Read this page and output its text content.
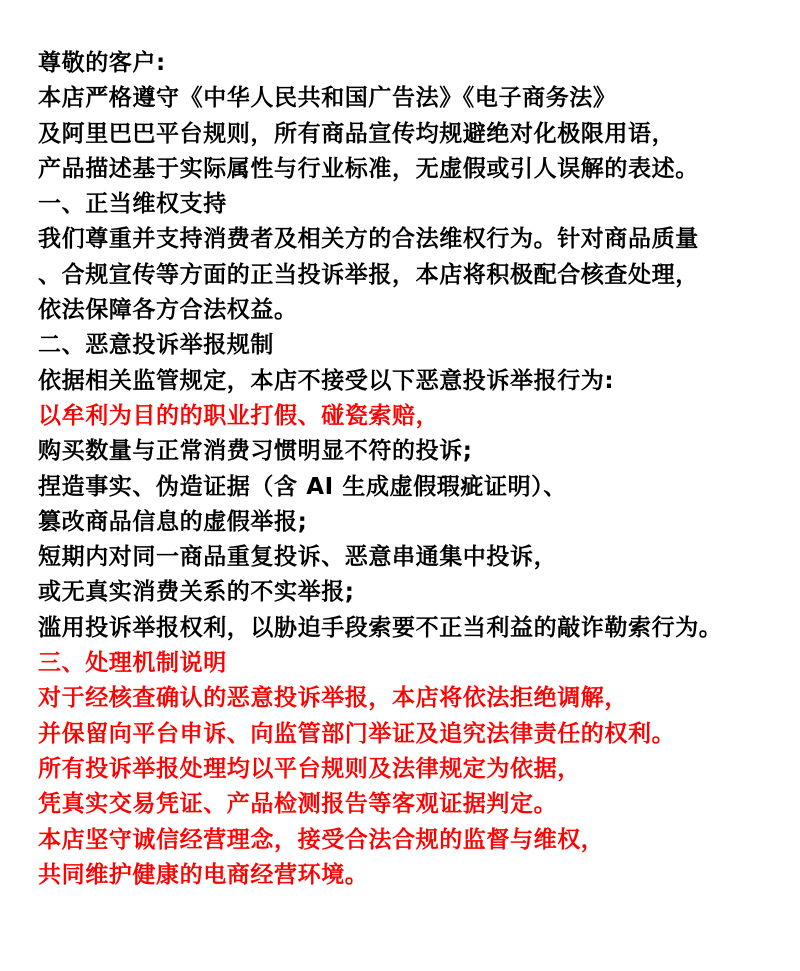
尊敬的客户:
本店严格遵守《中华人民共和国广告法》《电子商务法》
及阿里巴巴平台规则，所有商品宣传均规避绝对化极限用语，
产品描述基于实际属性与行业标准，无虚假或引人误解的表述。
一、正当维权支持
我们尊重并支持消费者及相关方的合法维权行为。针对商品质量
、合规宣传等方面的正当投诉举报，本店将积极配合核查处理，
依法保障各方合法权益。
二、恶意投诉举报规制
依据相关监管规定，本店不接受以下恶意投诉举报行为:
以牟利为目的的职业打假、碰瓷索赔，
购买数量与正常消费习惯明显不符的投诉;
捏造事实、伪造证据（含 AI 生成虚假瑕疵证明）、
篡改商品信息的虚假举报;
短期内对同一商品重复投诉、恶意串通集中投诉，
或无真实消费关系的不实举报;
滥用投诉举报权利，以胁迫手段索要不正当利益的敲诈勒索行为。
三、处理机制说明
对于经核查确认的恶意投诉举报，本店将依法拒绝调解，
并保留向平台申诉、向监管部门举证及追究法律责任的权利。
所有投诉举报处理均以平台规则及法律规定为依据，
凭真实交易凭证、产品检测报告等客观证据判定。
本店坚守诚信经营理念，接受合法合规的监督与维权，
共同维护健康的电商经营环境。
